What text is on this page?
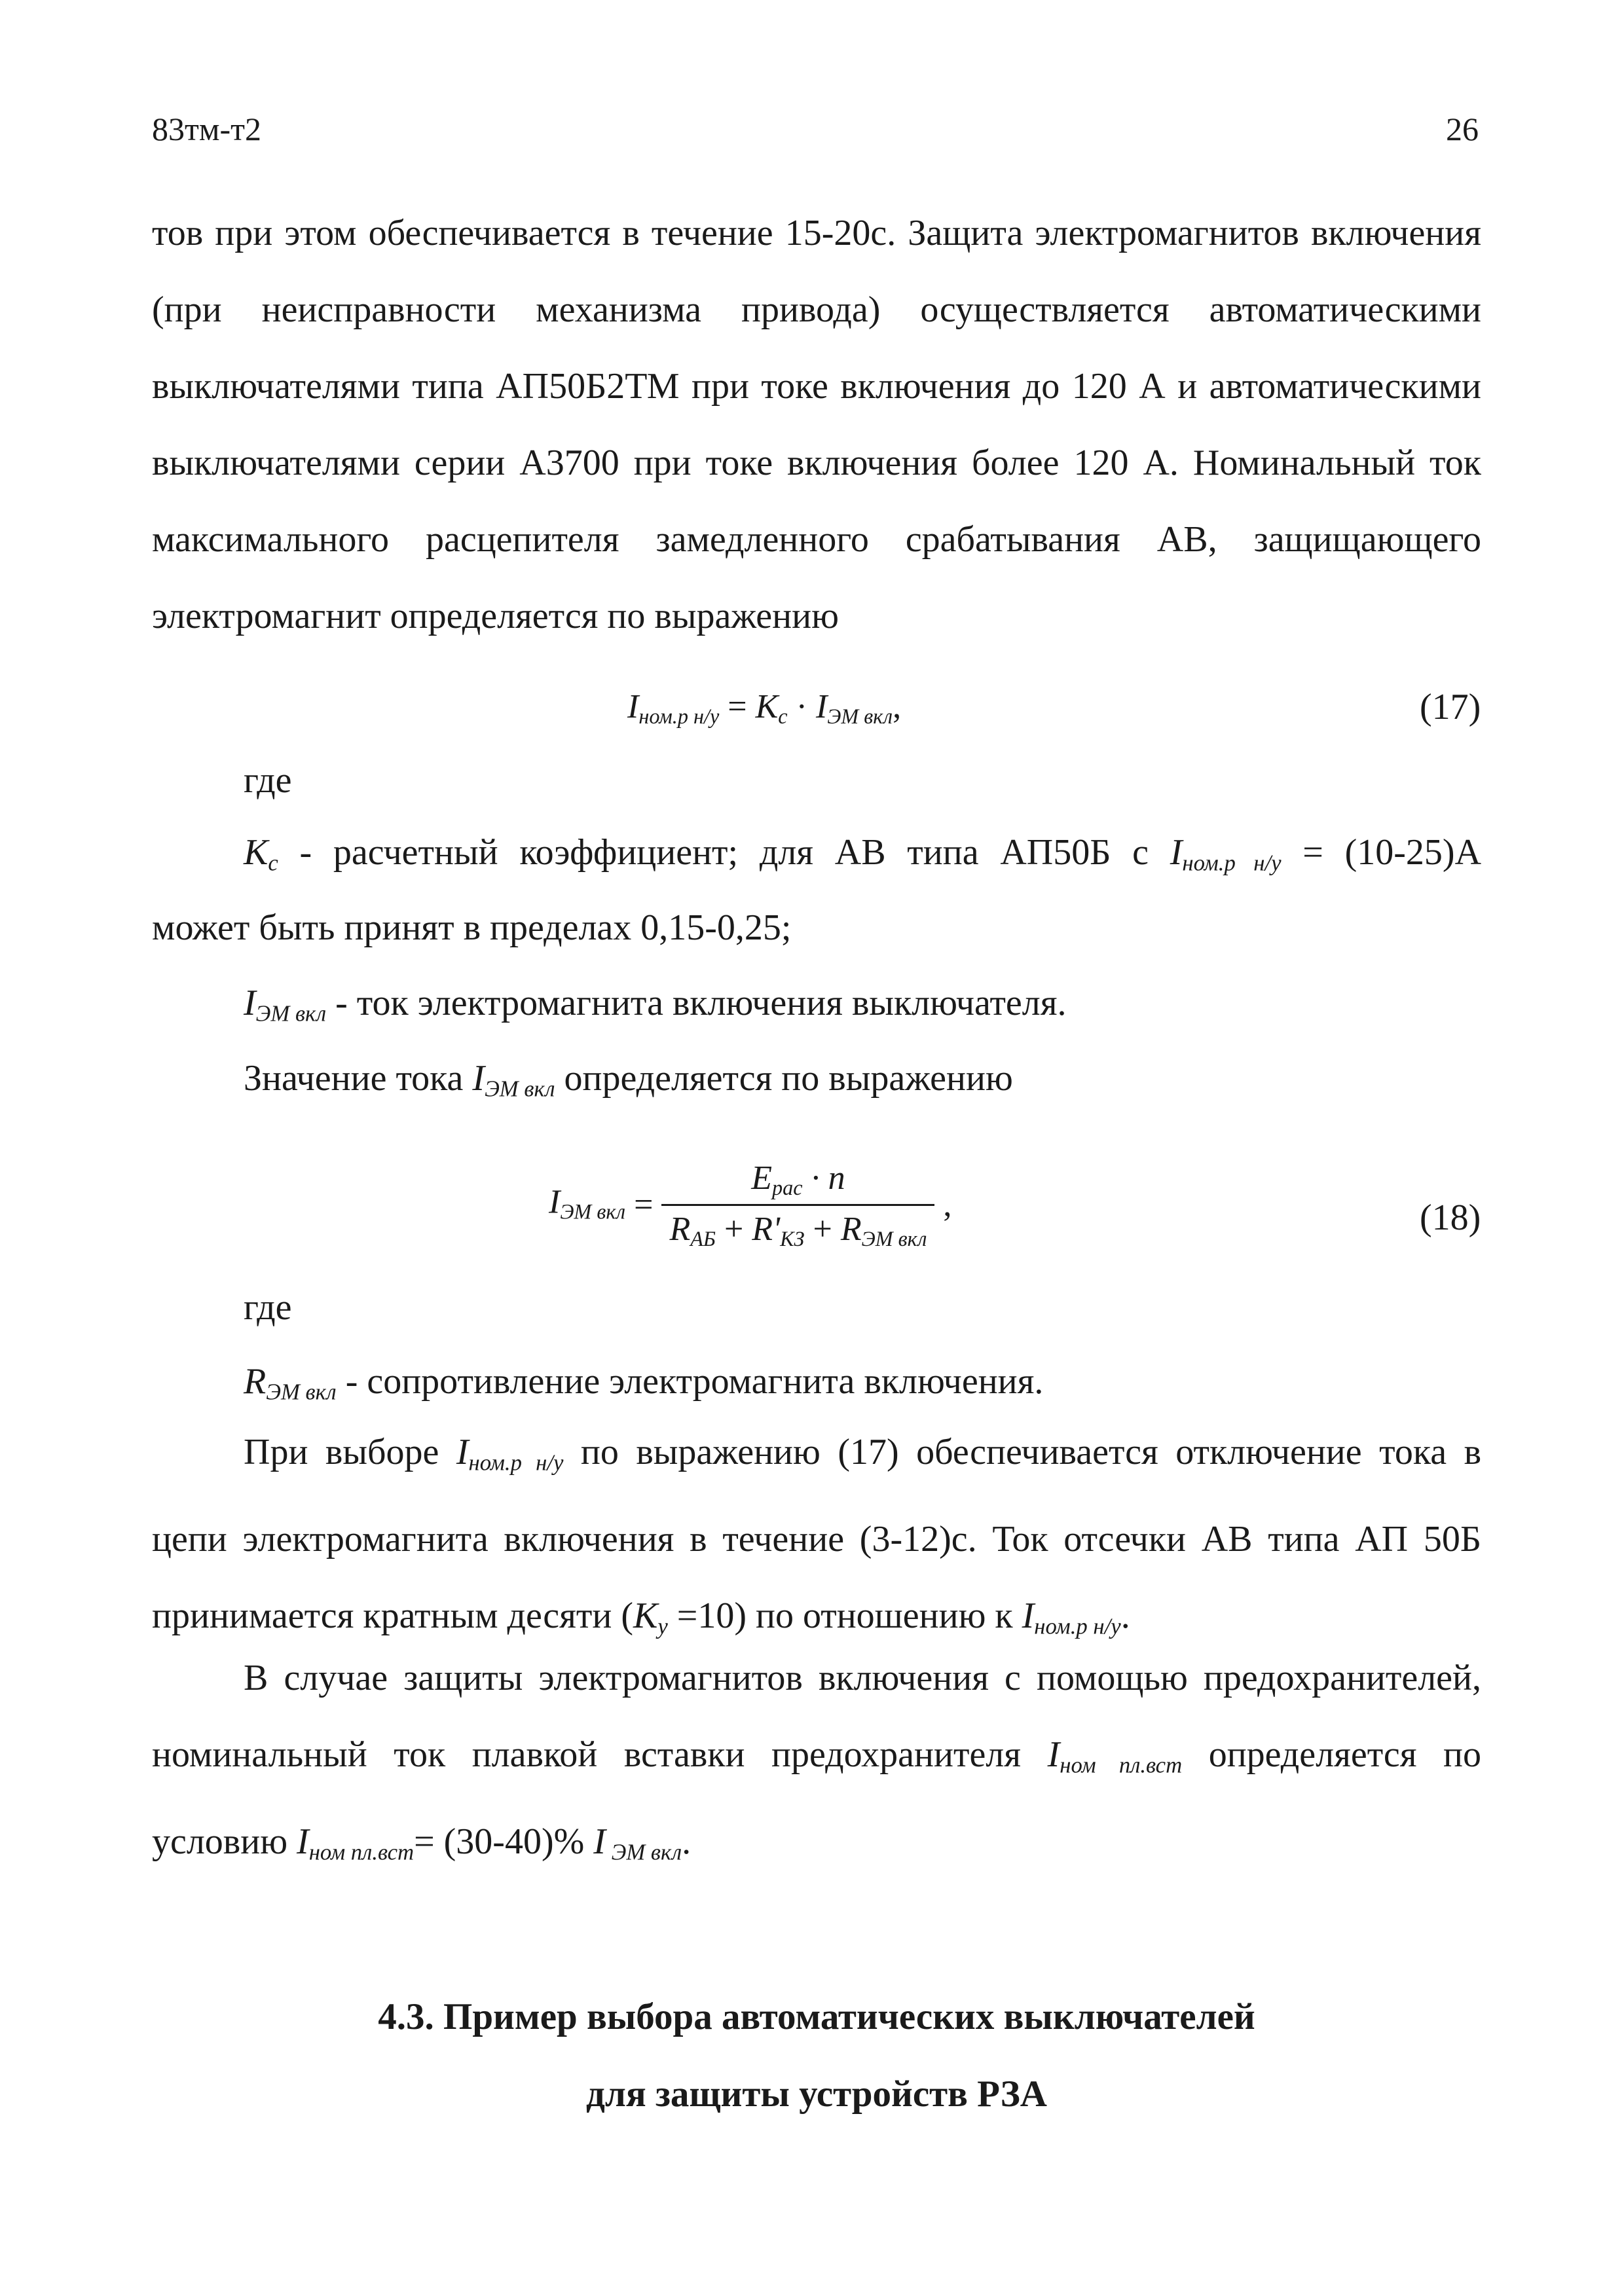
83тм-т2	26

тов при этом обеспечивается в течение 15-20с. Защита электромагнитов включения (при неисправности механизма привода) осуществляется автоматическими выключателями типа АП50Б2ТМ при токе включения до 120 А и автоматическими выключателями серии А3700 при токе включения более 120 А. Номинальный ток максимального расцепителя замедленного срабатывания АВ, защищающего электромагнит определяется по выражению

$I_{ном.р н/у} = K_с \cdot I_{ЭМ вкл}$,	(17)
где
$K_с$ - расчетный коэффициент; для АВ типа АП50Б с $I_{ном.р н/у} = (10-25)А$
может быть принят в пределах 0,15-0,25;
$I_{ЭМ вкл}$ - ток электромагнита включения выключателя.
Значение тока $I_{ЭМ вкл}$ определяется по выражению
$I_{ЭМ вкл} = \frac{E_{рас} \cdot n}{R_{АБ} + R'_{КЗ} + R_{ЭМ вкл}}$ ,	(18)
где
$R_{ЭМ вкл}$ - сопротивление электромагнита включения.

При выборе $I_{ном.р н/у}$ по выражению (17) обеспечивается отключение тока в цепи электромагнита включения в течение (3-12)с. Ток отсечки АВ типа АП 50Б принимается кратным десяти $(K_у =10)$ по отношению к $I_{ном.р н/у}$.

В случае защиты электромагнитов включения с помощью предохранителей, номинальный ток плавкой вставки предохранителя $I_{ном пл.вст}$ определяется по условию $I_{ном пл.вст}= (30-40)\%$ I $_{ЭМ вкл}$.

4.3. Пример выбора автоматических выключателей
для защиты устройств РЗА
